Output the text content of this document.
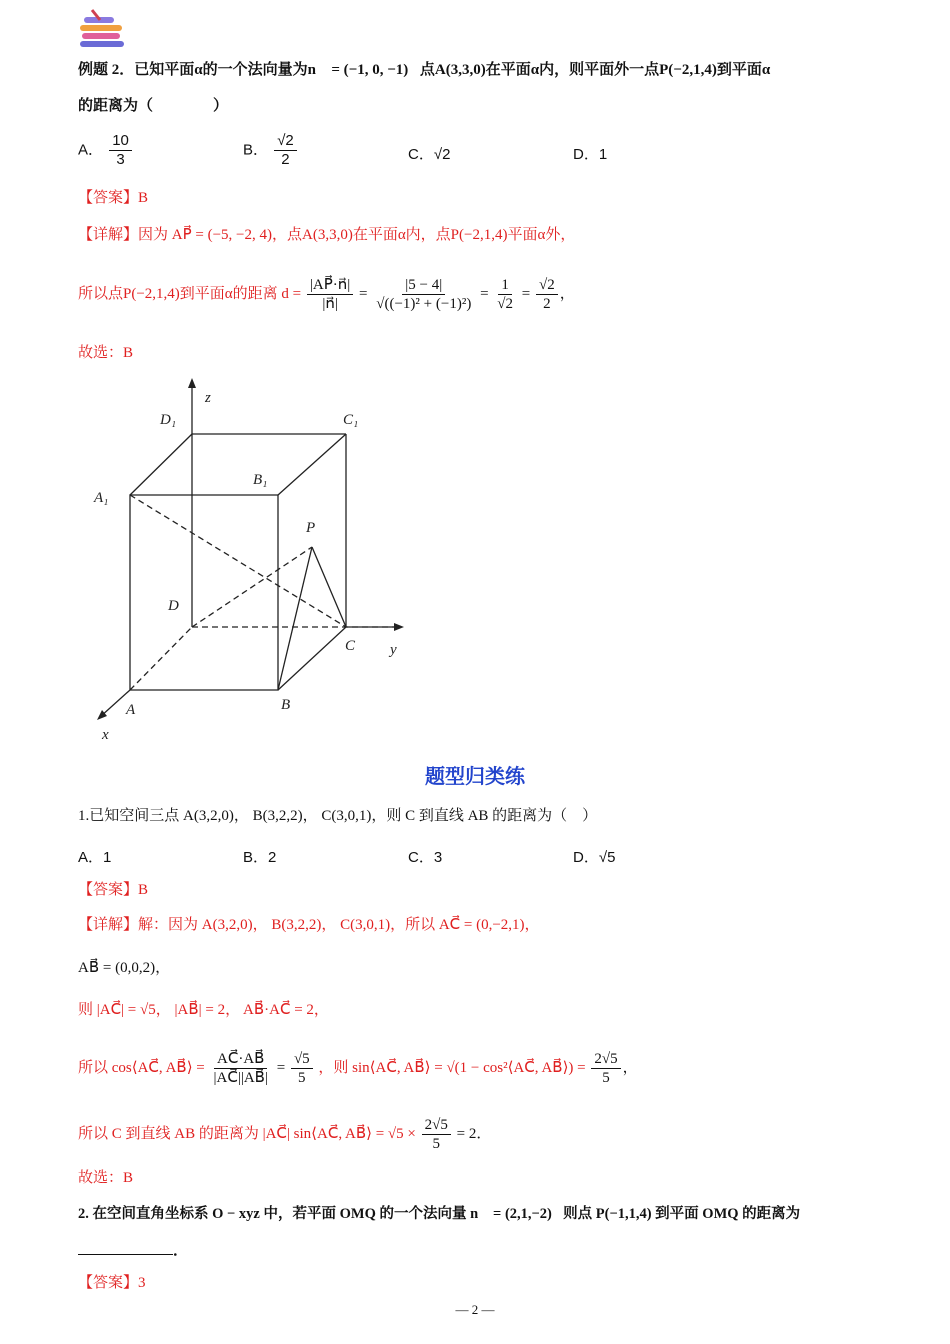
例题 2．已知平面α的一个法向量为n⃗ = (−1, 0, −1)，点A(3,3,0)在平面α内，则平面外一点P(−2,1,4)到平面α
的距离为（　　　　）
A． $\frac{10}{3}$	B． $\frac{√2}{2}$	C．√2	D．1
【答案】B
【详解】因为 AP⃗ = (−5, −2, 4)，点A(3,3,0)在平面α内，点P(−2,1,4)平面α外，
所以点P(−2,1,4)到平面α的距离 $d = \frac{|AP⃗\cdot n⃗|}{|n⃗|} = \frac{|5 - 4|}{\text{√((−1)² + (−1)²)}} = \frac{1}{√2} = \frac{√2}{2}$ ，
故选：B
D₁	C₁
B₁
A₁
P
D
C
A	B
x
y
z
题型归类练
1.已知空间三点 A(3,2,0)， B(3,2,2)， C(3,0,1)，则 C 到直线 AB 的距离为（　）
A．1	B．2	C．3	D．√5
【答案】B
【详解】解：因为 A(3,2,0)， B(3,2,2)， C(3,0,1)，所以 AC⃗ = (0,−2,1)，
AB⃗ = (0,0,2)，
则 |AC⃗| = √5， |AB⃗| = 2， AB⃗·AC⃗ = 2，
所以 cos⟨AC⃗, AB⃗⟩ = $\frac{AC⃗\cdot AB⃗}{|AC⃗||AB⃗|} = \frac{√5}{5}$ ，则 sin⟨AC⃗, AB⃗⟩ = √(1 − cos²⟨AC⃗, AB⃗⟩) = $\frac{2√5}{5}$ ，
所以 C 到直线 AB 的距离为 |AC⃗| sin⟨AC⃗, AB⃗⟩ = $√5 \times \frac{2√5}{5} = 2$．
故选：B
2. 在空间直角坐标系 O − xyz 中，若平面 OMQ 的一个法向量 n⃗ = (2,1,−2)，则点 P(−1,1,4) 到平面 OMQ 的距离为
．
【答案】3
— 2 —
